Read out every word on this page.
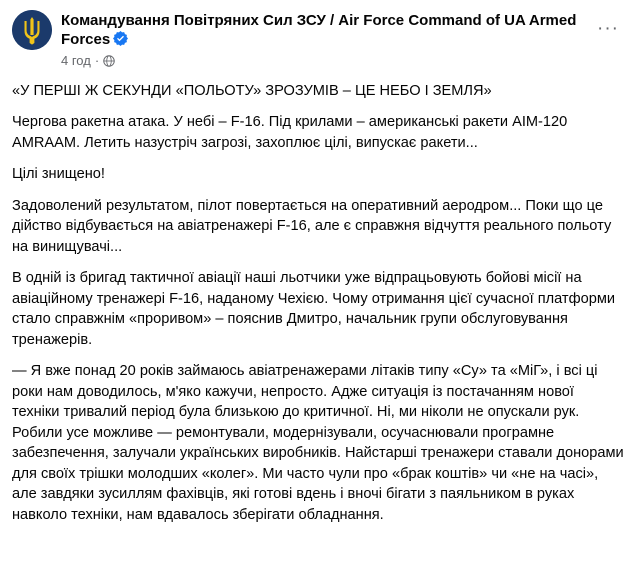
Командування Повітряних Сил ЗСУ / Air Force Command of UA Armed Forces
4 год ·
···

«У ПЕРШІ Ж СЕКУНДИ «ПОЛЬОТУ» ЗРОЗУМІВ – ЦЕ НЕБО І ЗЕМЛЯ»

Чергова ракетна атака. У небі – F-16. Під крилами – американські ракети AIM-120 AMRAAM. Летить назустріч загрозі, захоплює цілі, випускає ракети...

Цілі знищено!

Задоволений результатом, пілот повертається на оперативний аеродром... Поки що це дійство відбувається на авіатренажері F-16, але є справжня відчуття реального польоту на винищувачі...

В одній із бригад тактичної авіації наші льотчики уже відпрацьовують бойові місії на авіаційному тренажері F-16, наданому Чехією. Чому отримання цієї сучасної платформи стало справжнім «проривом» – пояснив Дмитро, начальник групи обслуговування тренажерів.

— Я вже понад 20 років займаюсь авіатренажерами літаків типу «Су» та «МіГ», і всі ці роки нам доводилось, м'яко кажучи, непросто. Адже ситуація із постачанням нової техніки тривалий період була близькою до критичної. Ні, ми ніколи не опускали рук. Робили усе можливе — ремонтували, модернізували, осучаснювали програмне забезпечення, залучали українських виробників. Найстарші тренажери ставали донорами для своїх трішки молодших «колег». Ми часто чули про «брак коштів» чи «не на часі», але завдяки зусиллям фахівців, які готові вдень і вночі бігати з паяльником в руках навколо техніки, нам вдавалось зберігати обладнання.
